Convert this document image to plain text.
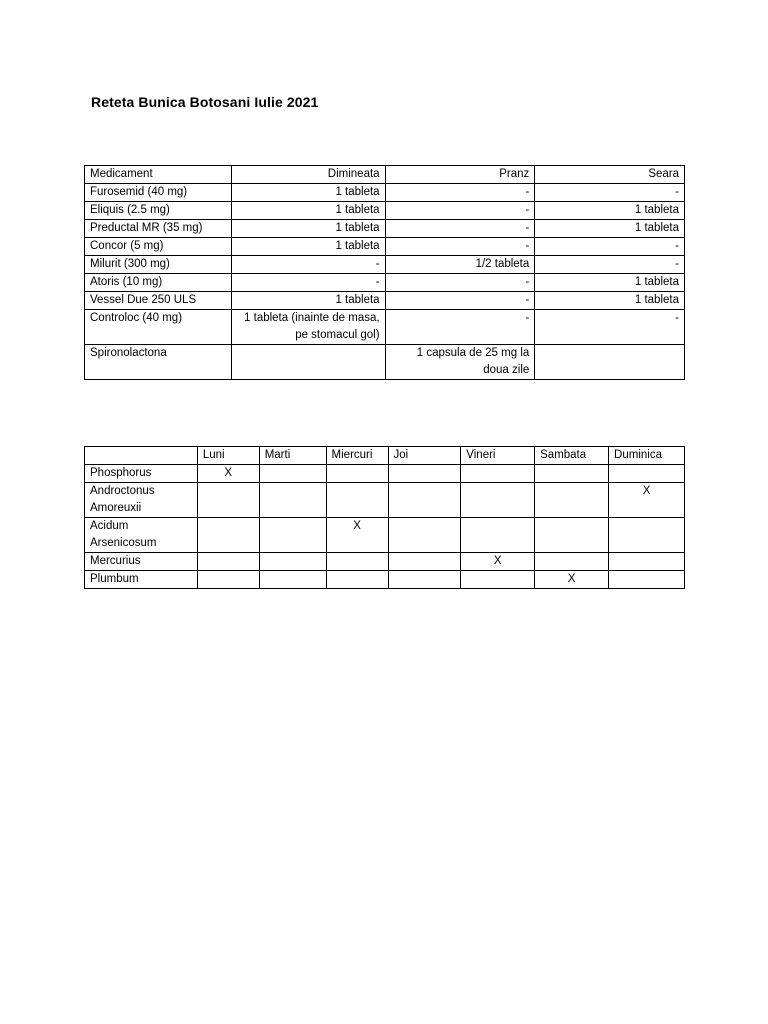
Reteta Bunica Botosani Iulie 2021
Medicament	Dimineata	Pranz	Seara
Furosemid (40 mg)	1 tableta	-	-
Eliquis (2.5 mg)	1 tableta	-	1 tableta
Preductal MR (35 mg)	1 tableta	-	1 tableta
Concor (5 mg)	1 tableta	-	-
Milurit (300 mg)	-	1/2 tableta	-
Atoris (10 mg)	-	-	1 tableta
Vessel Due 250 ULS	1 tableta	-	1 tableta
Controloc (40 mg)	1 tableta (inainte de masa, pe stomacul gol)	-	-
Spironolactona		1 capsula de 25 mg la doua zile	
	Luni	Marti	Miercuri	Joi	Vineri	Sambata	Duminica
Phosphorus	X						
Androctonus Amoreuxii							X
Acidum Arsenicosum			X				
Mercurius					X		
Plumbum						X	
